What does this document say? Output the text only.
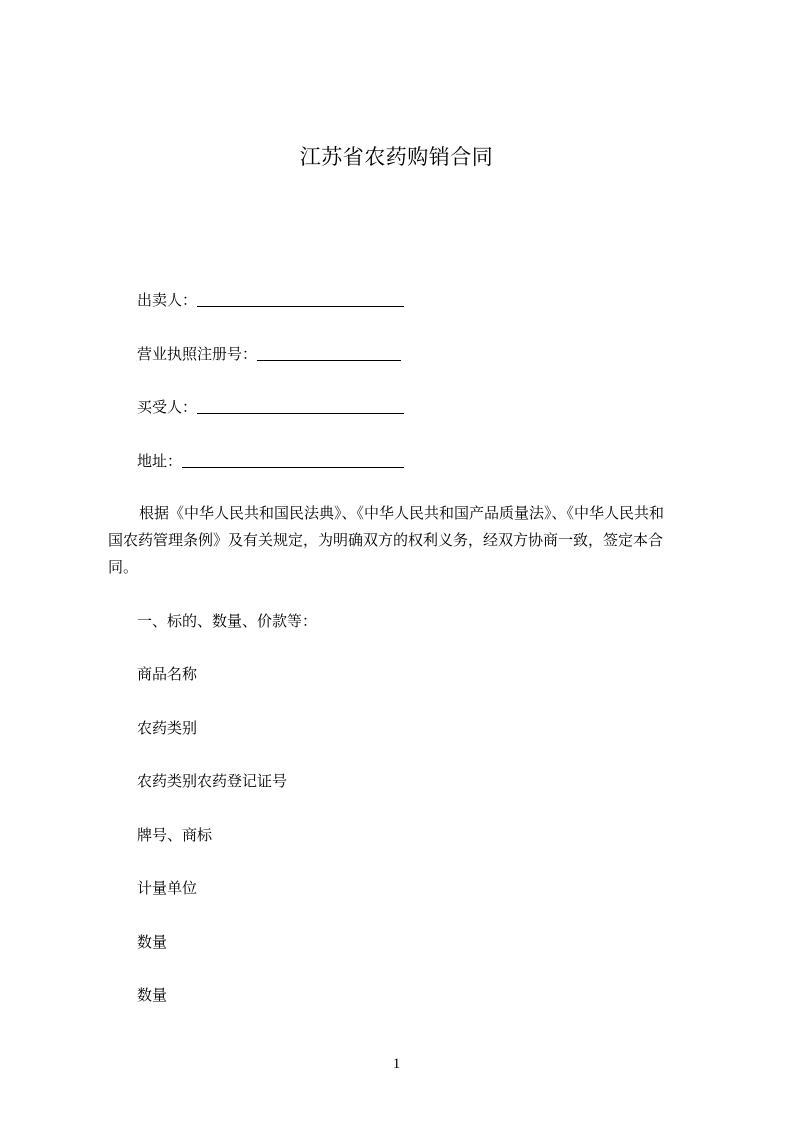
江苏省农药购销合同
出卖人：
营业执照注册号：
买受人：
地址：
根据《中华人民共和国民法典》、《中华人民共和国产品质量法》、《中华人民共和
国农药管理条例》及有关规定，为明确双方的权利义务，经双方协商一致，签定本合
同。
一、标的、数量、价款等：
商品名称
农药类别
农药类别农药登记证号
牌号、商标
计量单位
数量
数量
1
